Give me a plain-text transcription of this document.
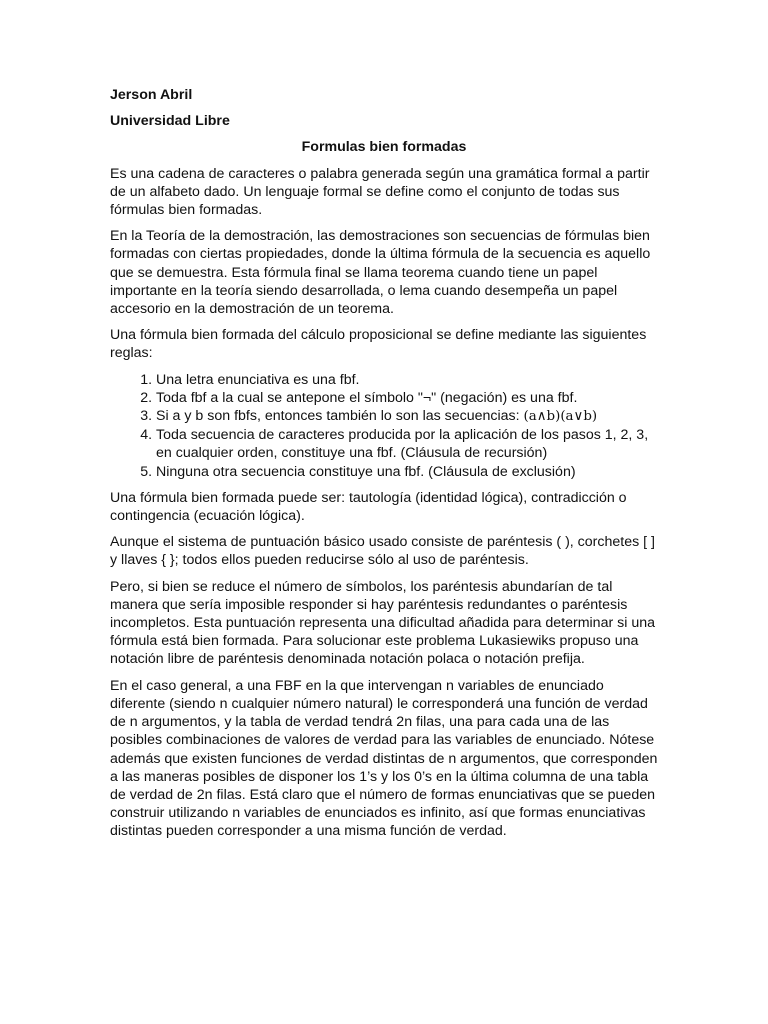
Jerson Abril
Universidad Libre
Formulas bien formadas

Es una cadena de caracteres o palabra generada según una gramática formal a partir de un alfabeto dado. Un lenguaje formal se define como el conjunto de todas sus fórmulas bien formadas.

En la Teoría de la demostración, las demostraciones son secuencias de fórmulas bien formadas con ciertas propiedades, donde la última fórmula de la secuencia es aquello que se demuestra. Esta fórmula final se llama teorema cuando tiene un papel importante en la teoría siendo desarrollada, o lema cuando desempeña un papel accesorio en la demostración de un teorema.

Una fórmula bien formada del cálculo proposicional se define mediante las siguientes reglas:

1. Una letra enunciativa es una fbf.
2. Toda fbf a la cual se antepone el símbolo "¬" (negación) es una fbf.
3. Si a y b son fbfs, entonces también lo son las secuencias: (a∧b)(a∨b)
4. Toda secuencia de caracteres producida por la aplicación de los pasos 1, 2, 3, en cualquier orden, constituye una fbf. (Cláusula de recursión)
5. Ninguna otra secuencia constituye una fbf. (Cláusula de exclusión)

Una fórmula bien formada puede ser: tautología (identidad lógica), contradicción o contingencia (ecuación lógica).

Aunque el sistema de puntuación básico usado consiste de paréntesis ( ), corchetes [ ] y llaves { }; todos ellos pueden reducirse sólo al uso de paréntesis.

Pero, si bien se reduce el número de símbolos, los paréntesis abundarían de tal manera que sería imposible responder si hay paréntesis redundantes o paréntesis incompletos. Esta puntuación representa una dificultad añadida para determinar si una fórmula está bien formada. Para solucionar este problema Lukasiewiks propuso una notación libre de paréntesis denominada notación polaca o notación prefija.

En el caso general, a una FBF en la que intervengan n variables de enunciado diferente (siendo n cualquier número natural) le corresponderá una función de verdad de n argumentos, y la tabla de verdad tendrá 2n filas, una para cada una de las posibles combinaciones de valores de verdad para las variables de enunciado. Nótese además que existen funciones de verdad distintas de n argumentos, que corresponden a las maneras posibles de disponer los 1’s y los 0’s en la última columna de una tabla de verdad de 2n filas. Está claro que el número de formas enunciativas que se pueden construir utilizando n variables de enunciados es infinito, así que formas enunciativas distintas pueden corresponder a una misma función de verdad.
